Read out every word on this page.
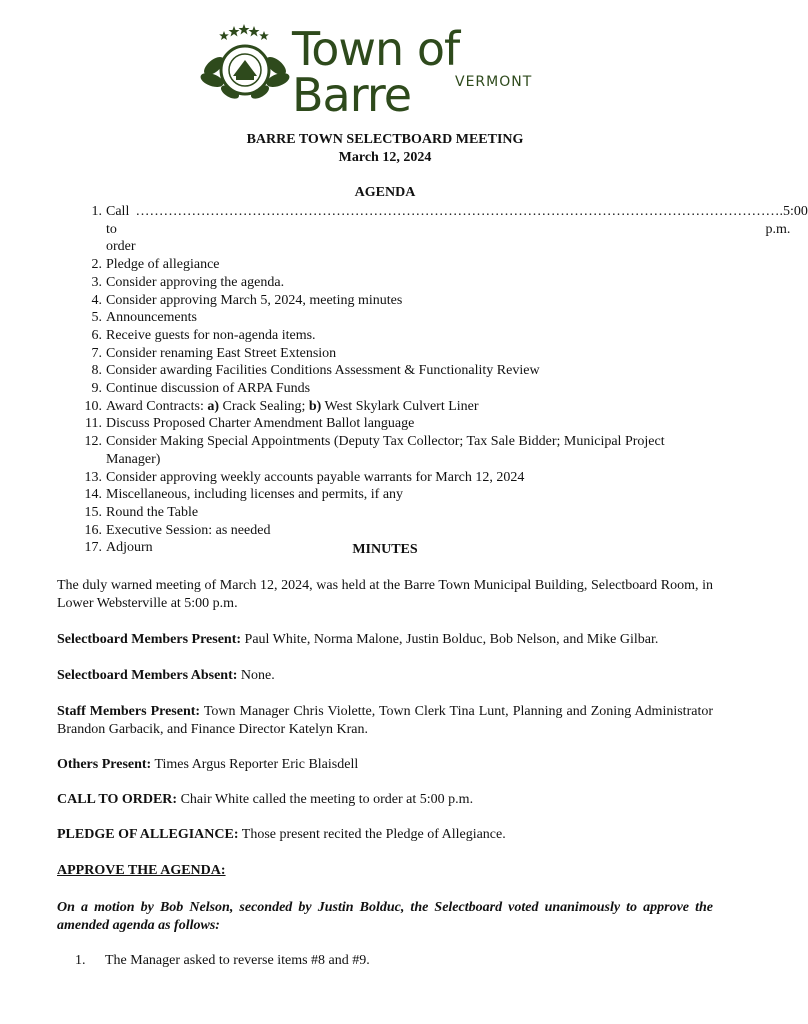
Town of Barre	VERMONT
BARRE TOWN SELECTBOARD MEETING
March 12, 2024
AGENDA
1. Call to order
……………………………………………………………………………………………………………………… ….5:00 p.m.
2. Pledge of allegiance
3. Consider approving the agenda.
4. Consider approving March 5, 2024, meeting minutes
5. Announcements
6. Receive guests for non-agenda items.
7. Consider renaming East Street Extension
8. Consider awarding Facilities Conditions Assessment & Functionality Review
9. Continue discussion of ARPA Funds
10. Award Contracts: a) Crack Sealing; b) West Skylark Culvert Liner
11. Discuss Proposed Charter Amendment Ballot language
12. Consider Making Special Appointments (Deputy Tax Collector; Tax Sale Bidder; Municipal Project Manager)
13. Consider approving weekly accounts payable warrants for March 12, 2024
14. Miscellaneous, including licenses and permits, if any
15. Round the Table
16. Executive Session: as needed
17. Adjourn	MINUTES
The duly warned meeting of March 12, 2024, was held at the Barre Town Municipal Building, Selectboard Room, in Lower Websterville at 5:00 p.m.
Selectboard Members Present: Paul White, Norma Malone, Justin Bolduc, Bob Nelson, and Mike Gilbar.
Selectboard Members Absent: None.
Staff Members Present: Town Manager Chris Violette, Town Clerk Tina Lunt, Planning and Zoning Administrator Brandon Garbacik, and Finance Director Katelyn Kran.
Others Present: Times Argus Reporter Eric Blaisdell
CALL TO ORDER: Chair White called the meeting to order at 5:00 p.m.
PLEDGE OF ALLEGIANCE: Those present recited the Pledge of Allegiance.
APPROVE THE AGENDA:
On a motion by Bob Nelson, seconded by Justin Bolduc, the Selectboard voted unanimously to approve the amended agenda as follows:
1. The Manager asked to reverse items #8 and #9.
